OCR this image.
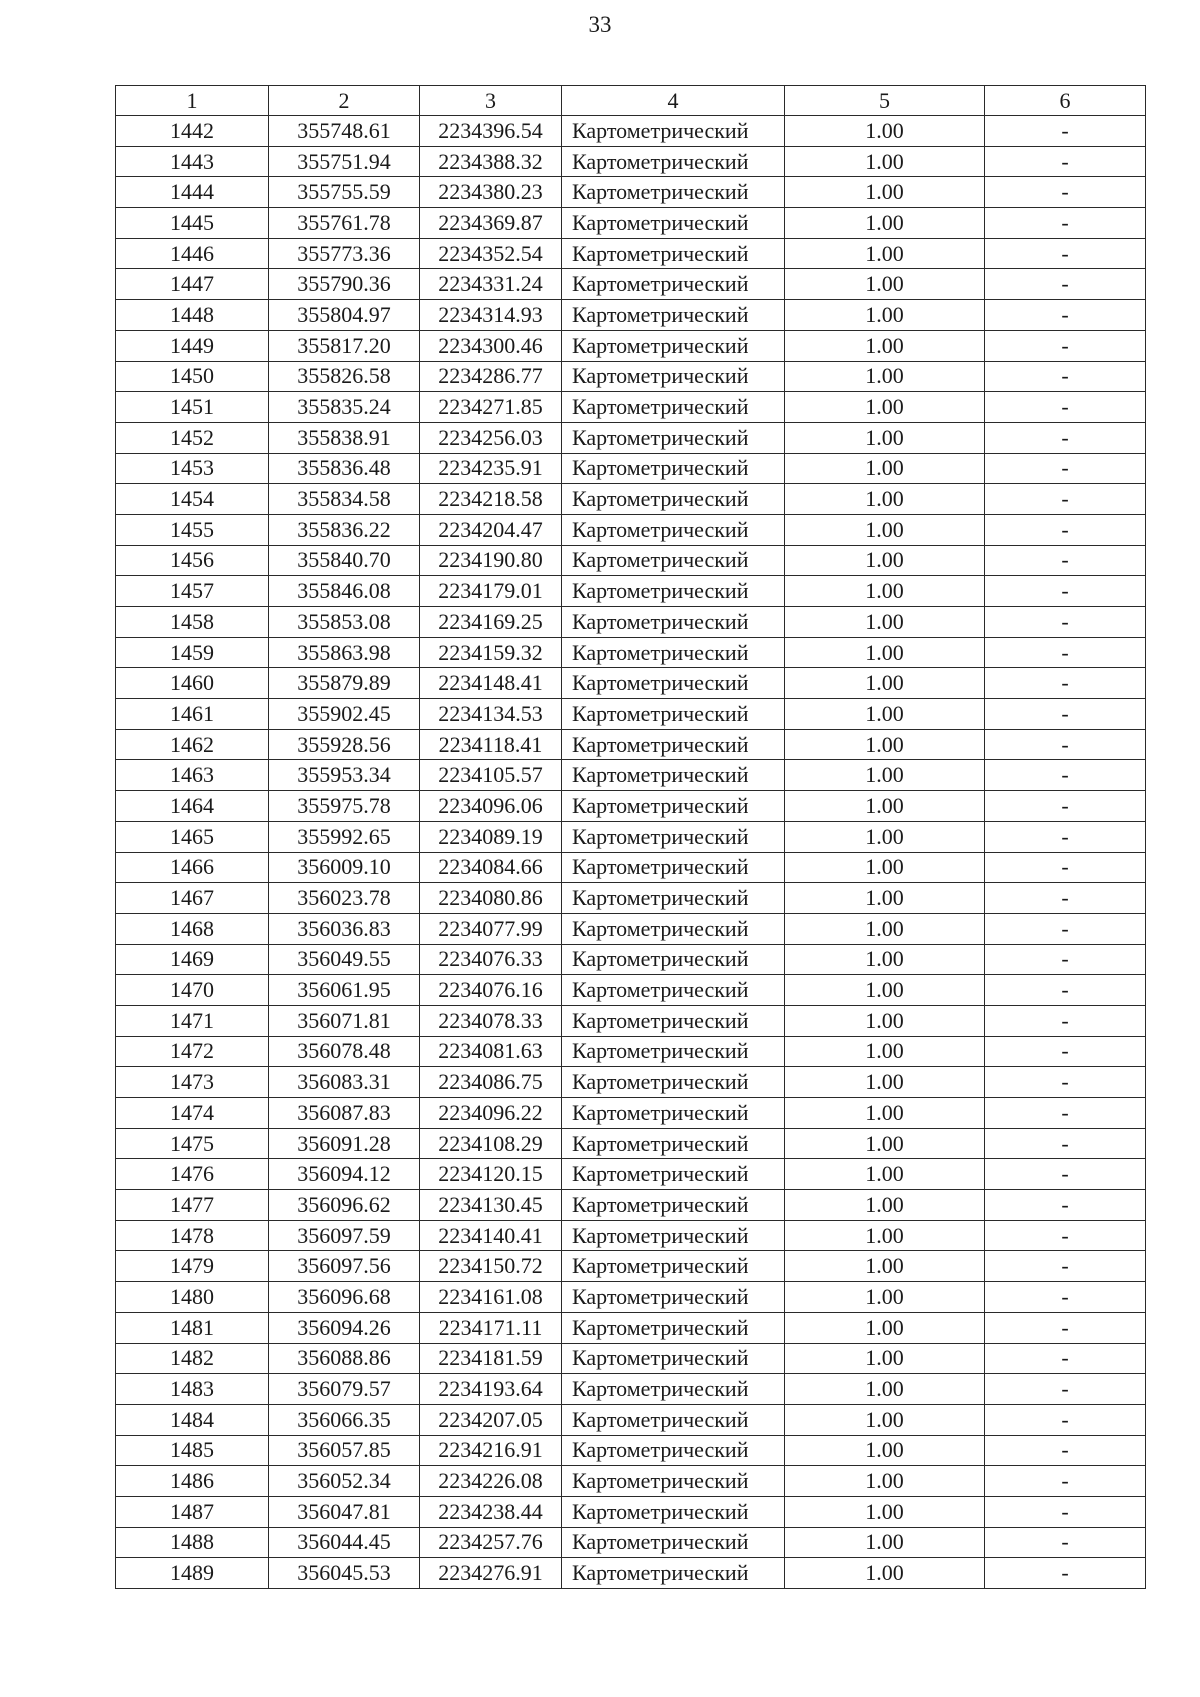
33
1	2	3	4	5	6
1442	355748.61	2234396.54	Картометрический	1.00	-
1443	355751.94	2234388.32	Картометрический	1.00	-
1444	355755.59	2234380.23	Картометрический	1.00	-
1445	355761.78	2234369.87	Картометрический	1.00	-
1446	355773.36	2234352.54	Картометрический	1.00	-
1447	355790.36	2234331.24	Картометрический	1.00	-
1448	355804.97	2234314.93	Картометрический	1.00	-
1449	355817.20	2234300.46	Картометрический	1.00	-
1450	355826.58	2234286.77	Картометрический	1.00	-
1451	355835.24	2234271.85	Картометрический	1.00	-
1452	355838.91	2234256.03	Картометрический	1.00	-
1453	355836.48	2234235.91	Картометрический	1.00	-
1454	355834.58	2234218.58	Картометрический	1.00	-
1455	355836.22	2234204.47	Картометрический	1.00	-
1456	355840.70	2234190.80	Картометрический	1.00	-
1457	355846.08	2234179.01	Картометрический	1.00	-
1458	355853.08	2234169.25	Картометрический	1.00	-
1459	355863.98	2234159.32	Картометрический	1.00	-
1460	355879.89	2234148.41	Картометрический	1.00	-
1461	355902.45	2234134.53	Картометрический	1.00	-
1462	355928.56	2234118.41	Картометрический	1.00	-
1463	355953.34	2234105.57	Картометрический	1.00	-
1464	355975.78	2234096.06	Картометрический	1.00	-
1465	355992.65	2234089.19	Картометрический	1.00	-
1466	356009.10	2234084.66	Картометрический	1.00	-
1467	356023.78	2234080.86	Картометрический	1.00	-
1468	356036.83	2234077.99	Картометрический	1.00	-
1469	356049.55	2234076.33	Картометрический	1.00	-
1470	356061.95	2234076.16	Картометрический	1.00	-
1471	356071.81	2234078.33	Картометрический	1.00	-
1472	356078.48	2234081.63	Картометрический	1.00	-
1473	356083.31	2234086.75	Картометрический	1.00	-
1474	356087.83	2234096.22	Картометрический	1.00	-
1475	356091.28	2234108.29	Картометрический	1.00	-
1476	356094.12	2234120.15	Картометрический	1.00	-
1477	356096.62	2234130.45	Картометрический	1.00	-
1478	356097.59	2234140.41	Картометрический	1.00	-
1479	356097.56	2234150.72	Картометрический	1.00	-
1480	356096.68	2234161.08	Картометрический	1.00	-
1481	356094.26	2234171.11	Картометрический	1.00	-
1482	356088.86	2234181.59	Картометрический	1.00	-
1483	356079.57	2234193.64	Картометрический	1.00	-
1484	356066.35	2234207.05	Картометрический	1.00	-
1485	356057.85	2234216.91	Картометрический	1.00	-
1486	356052.34	2234226.08	Картометрический	1.00	-
1487	356047.81	2234238.44	Картометрический	1.00	-
1488	356044.45	2234257.76	Картометрический	1.00	-
1489	356045.53	2234276.91	Картометрический	1.00	-
